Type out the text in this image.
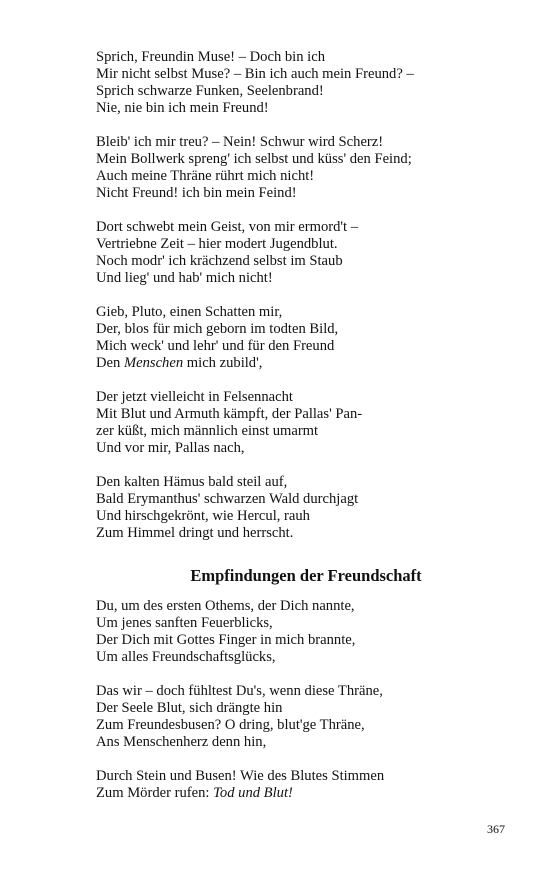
Sprich, Freundin Muse! – Doch bin ich
Mir nicht selbst Muse? – Bin ich auch mein Freund? –
Sprich schwarze Funken, Seelenbrand!
Nie, nie bin ich mein Freund!
Bleib' ich mir treu? – Nein! Schwur wird Scherz!
Mein Bollwerk spreng' ich selbst und küss' den Feind;
Auch meine Thräne rührt mich nicht!
Nicht Freund! ich bin mein Feind!
Dort schwebt mein Geist, von mir ermord't –
Vertriebne Zeit – hier modert Jugendblut.
Noch modr' ich krächzend selbst im Staub
Und lieg' und hab' mich nicht!
Gieb, Pluto, einen Schatten mir,
Der, blos für mich geborn im todten Bild,
Mich weck' und lehr' und für den Freund
Den Menschen mich zubild',
Der jetzt vielleicht in Felsennacht
Mit Blut und Armuth kämpft, der Pallas' Pan-
zer küßt, mich männlich einst umarmt
Und vor mir, Pallas nach,
Den kalten Hämus bald steil auf,
Bald Erymanthus' schwarzen Wald durchjagt
Und hirschgekrönt, wie Hercul, rauh
Zum Himmel dringt und herrscht.
Empfindungen der Freundschaft
Du, um des ersten Othems, der Dich nannte,
Um jenes sanften Feuerblicks,
Der Dich mit Gottes Finger in mich brannte,
Um alles Freundschaftsglücks,
Das wir – doch fühltest Du's, wenn diese Thräne,
Der Seele Blut, sich drängte hin
Zum Freundesbusen? O dring, blut'ge Thräne,
Ans Menschenherz denn hin,
Durch Stein und Busen! Wie des Blutes Stimmen
Zum Mörder rufen: Tod und Blut!
367
